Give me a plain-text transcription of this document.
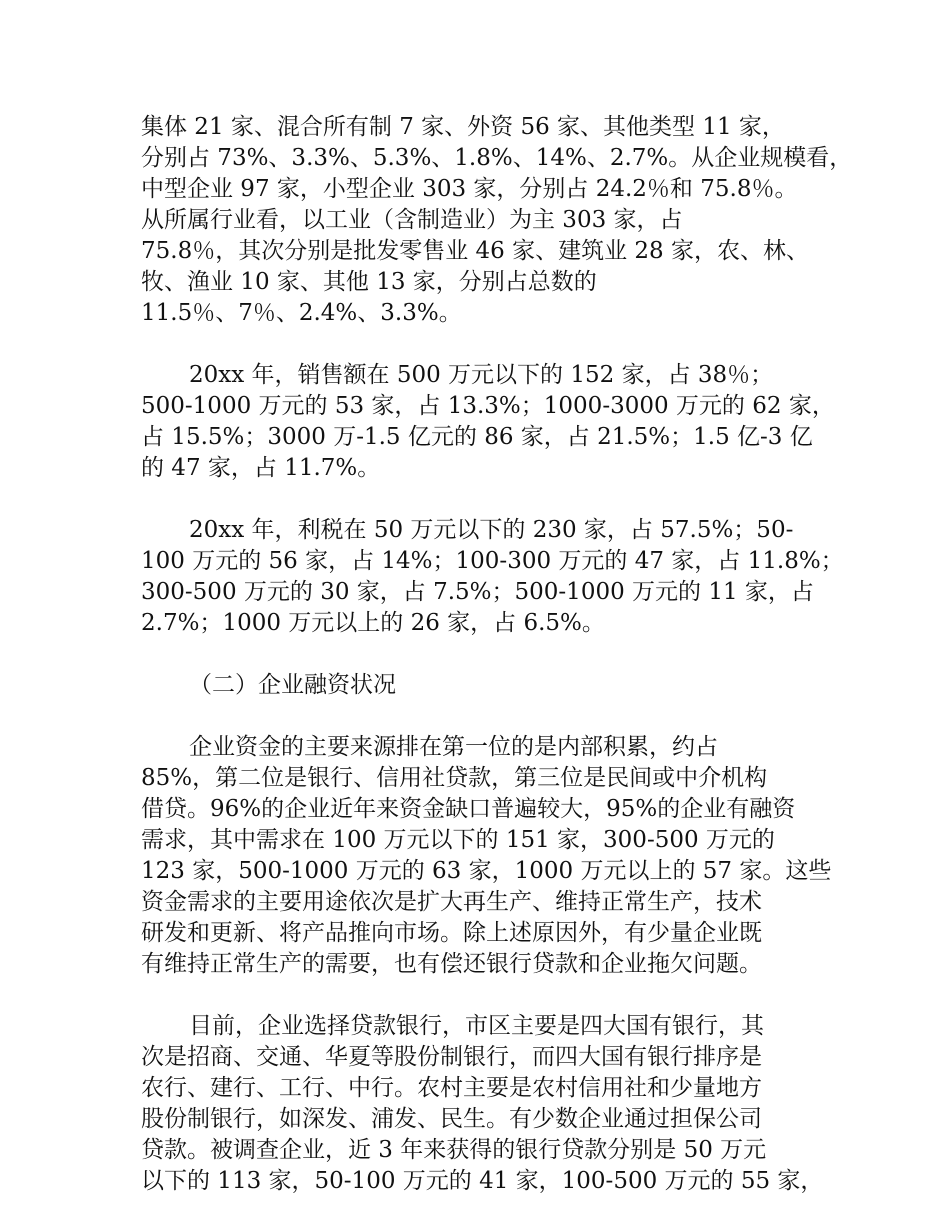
集体 21 家、混合所有制 7 家、外资 56 家、其他类型 11 家，
分别占 73%、3.3%、5.3%、1.8%、14%、2.7%。从企业规模看，
中型企业 97 家，小型企业 303 家，分别占 24.2％和 75.8％。
从所属行业看，以工业（含制造业）为主 303 家，占
75.8％，其次分别是批发零售业 46 家、建筑业 28 家，农、林、
牧、渔业 10 家、其他 13 家，分别占总数的
11.5％、7％、2.4%、3.3%。
20xx 年，销售额在 500 万元以下的 152 家，占 38％；
500-1000 万元的 53 家，占 13.3%；1000-3000 万元的 62 家，
占 15.5%；3000 万-1.5 亿元的 86 家，占 21.5%；1.5 亿-3 亿
的 47 家，占 11.7%。
20xx 年，利税在 50 万元以下的 230 家，占 57.5%；50-
100 万元的 56 家，占 14%；100-300 万元的 47 家，占 11.8%；
300-500 万元的 30 家，占 7.5%；500-1000 万元的 11 家，占
2.7%；1000 万元以上的 26 家，占 6.5%。
（二）企业融资状况
企业资金的主要来源排在第一位的是内部积累，约占
85%，第二位是银行、信用社贷款，第三位是民间或中介机构
借贷。96%的企业近年来资金缺口普遍较大，95%的企业有融资
需求，其中需求在 100 万元以下的 151 家，300-500 万元的
123 家，500-1000 万元的 63 家，1000 万元以上的 57 家。这些
资金需求的主要用途依次是扩大再生产、维持正常生产，技术
研发和更新、将产品推向市场。除上述原因外，有少量企业既
有维持正常生产的需要，也有偿还银行贷款和企业拖欠问题。
目前，企业选择贷款银行，市区主要是四大国有银行，其
次是招商、交通、华夏等股份制银行，而四大国有银行排序是
农行、建行、工行、中行。农村主要是农村信用社和少量地方
股份制银行，如深发、浦发、民生。有少数企业通过担保公司
贷款。被调查企业，近 3 年来获得的银行贷款分别是 50 万元
以下的 113 家，50-100 万元的 41 家，100-500 万元的 55 家，
